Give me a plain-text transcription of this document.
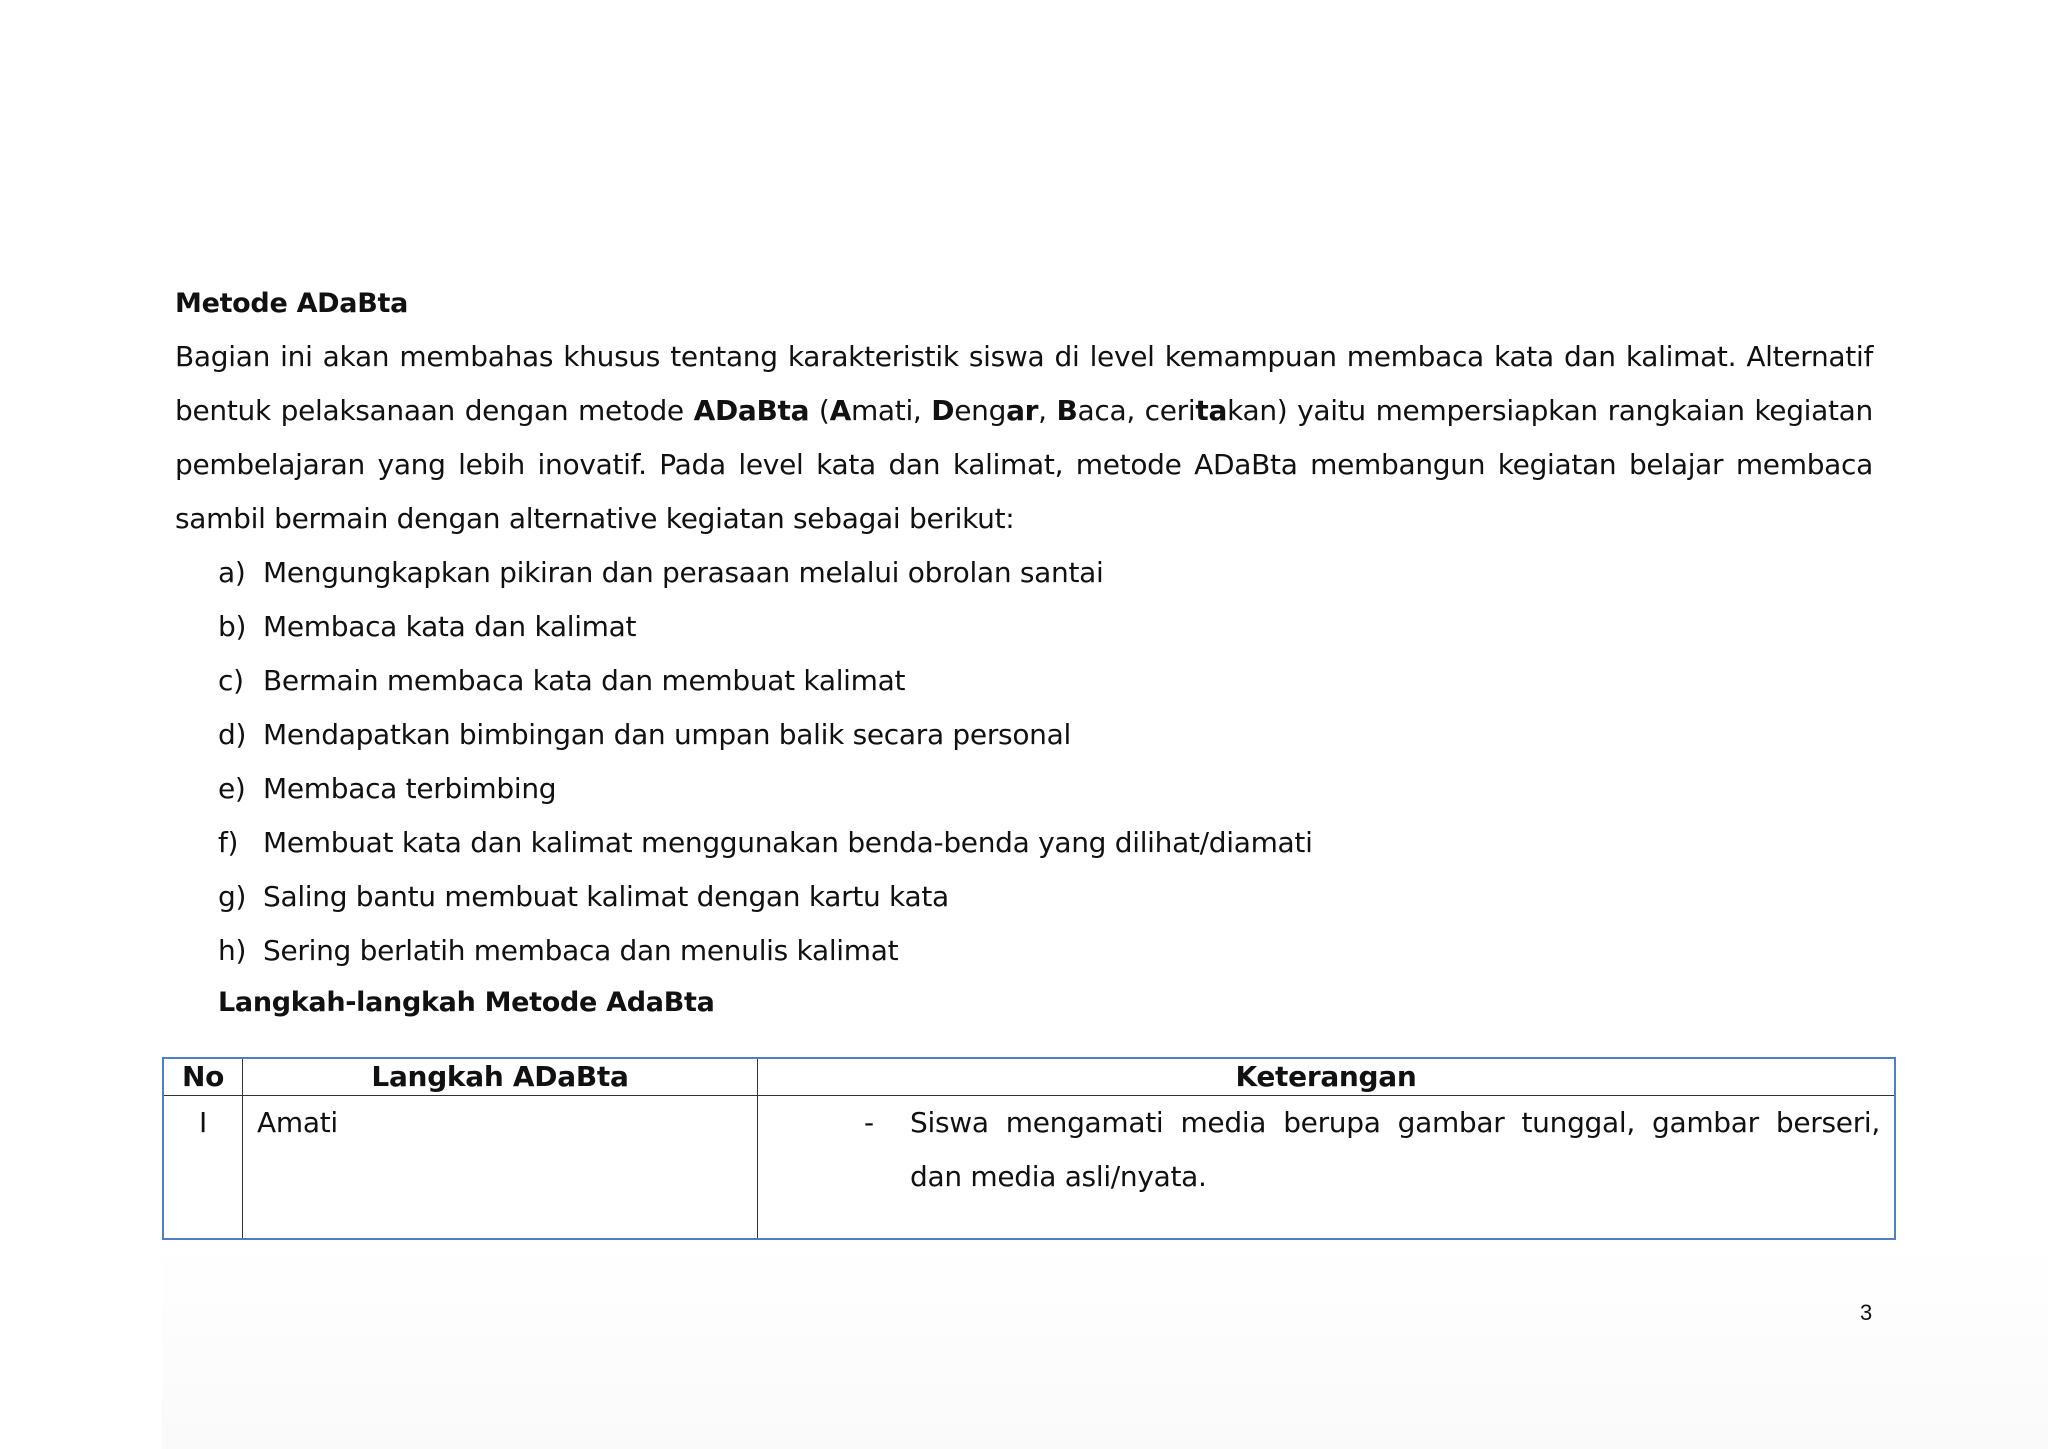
Metode ADaBta

Bagian ini akan membahas khusus tentang karakteristik siswa di level kemampuan membaca kata dan kalimat. Alternatif bentuk pelaksanaan dengan metode ADaBta (Amati, Dengar, Baca, ceritakan) yaitu mempersiapkan rangkaian kegiatan pembelajaran yang lebih inovatif. Pada level kata dan kalimat, metode ADaBta membangun kegiatan belajar membaca sambil bermain dengan alternative kegiatan sebagai berikut:

a) Mengungkapkan pikiran dan perasaan melalui obrolan santai
b) Membaca kata dan kalimat
c) Bermain membaca kata dan membuat kalimat
d) Mendapatkan bimbingan dan umpan balik secara personal
e) Membaca terbimbing
f) Membuat kata dan kalimat menggunakan benda-benda yang dilihat/diamati
g) Saling bantu membuat kalimat dengan kartu kata
h) Sering berlatih membaca dan menulis kalimat
Langkah-langkah Metode AdaBta
No	Langkah ADaBta	Keterangan
I	Amati	- Siswa mengamati media berupa gambar tunggal, gambar berseri, dan media asli/nyata.
3
